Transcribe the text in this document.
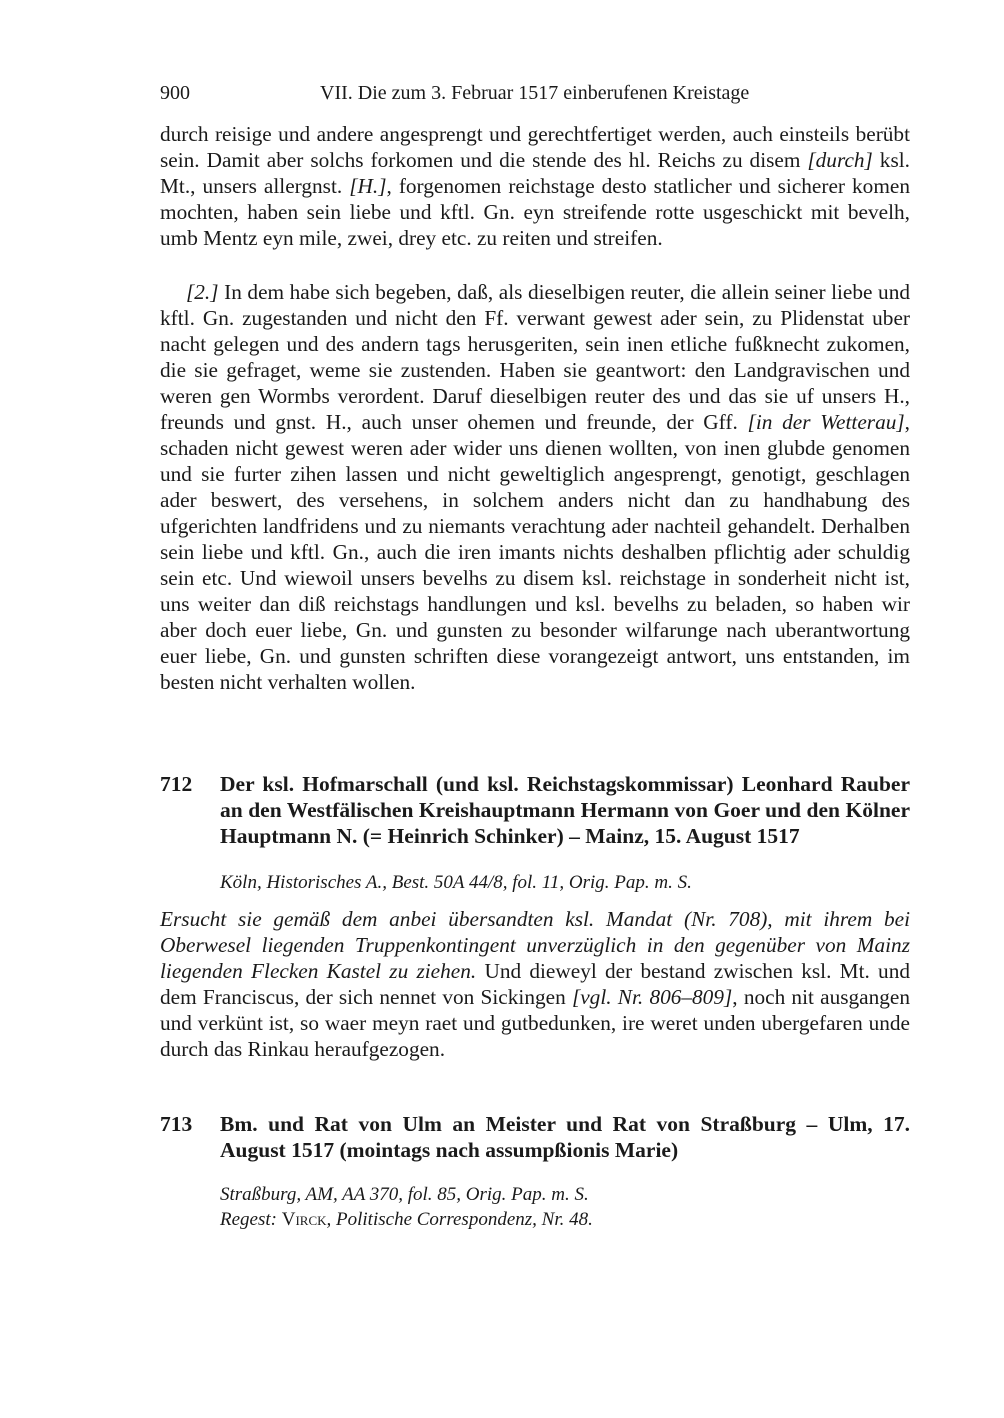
900	VII. Die zum 3. Februar 1517 einberufenen Kreistage

durch reisige und andere angesprengt und gerechtfertiget werden, auch einsteils berübt sein. Damit aber solchs forkomen und die stende des hl. Reichs zu disem [durch] ksl. Mt., unsers allergnst. [H.], forgenomen reichstage desto statlicher und sicherer komen mochten, haben sein liebe und kftl. Gn. eyn streifende rotte usgeschickt mit bevelh, umb Mentz eyn mile, zwei, drey etc. zu reiten und streifen.

[2.] In dem habe sich begeben, daß, als dieselbigen reuter, die allein seiner liebe und kftl. Gn. zugestanden und nicht den Ff. verwant gewest ader sein, zu Plidenstat uber nacht gelegen und des andern tags herusgeriten, sein inen etliche fußknecht zukomen, die sie gefraget, weme sie zustenden. Haben sie geantwort: den Landgravischen und weren gen Wormbs verordent. Daruf dieselbigen reuter des und das sie uf unsers H., freunds und gnst. H., auch unser ohemen und freunde, der Gff. [in der Wetterau], schaden nicht gewest weren ader wider uns dienen wollten, von inen glubde genomen und sie furter zihen lassen und nicht geweltiglich angesprengt, genotigt, geschlagen ader beswert, des versehens, in solchem anders nicht dan zu handhabung des ufgerichten landfridens und zu niemants verachtung ader nachteil gehandelt. Derhalben sein liebe und kftl. Gn., auch die iren imants nichts deshalben pflichtig ader schuldig sein etc. Und wiewoil unsers bevelhs zu disem ksl. reichstage in sonderheit nicht ist, uns weiter dan diß reichstags handlungen und ksl. bevelhs zu beladen, so haben wir aber doch euer liebe, Gn. und gunsten zu besonder wilfarunge nach uberantwortung euer liebe, Gn. und gunsten schriften diese vorangezeigt antwort, uns entstanden, im besten nicht verhalten wollen.

712 Der ksl. Hofmarschall (und ksl. Reichstagskommissar) Leonhard Rauber an den Westfälischen Kreishauptmann Hermann von Goer und den Kölner Hauptmann N. (= Heinrich Schinker) – Mainz, 15. August 1517

Köln, Historisches A., Best. 50A 44/8, fol. 11, Orig. Pap. m. S.

Ersucht sie gemäß dem anbei übersandten ksl. Mandat (Nr. 708), mit ihrem bei Oberwesel liegenden Truppenkontingent unverzüglich in den gegenüber von Mainz liegenden Flecken Kastel zu ziehen. Und dieweyl der bestand zwischen ksl. Mt. und dem Franciscus, der sich nennet von Sickingen [vgl. Nr. 806–809], noch nit ausgangen und verkünt ist, so waer meyn raet und gutbedunken, ire weret unden ubergefaren unde durch das Rinkau heraufgezogen.

713 Bm. und Rat von Ulm an Meister und Rat von Straßburg – Ulm, 17. August 1517 (mointags nach assumpßionis Marie)

Straßburg, AM, AA 370, fol. 85, Orig. Pap. m. S.
Regest: Virck, Politische Correspondenz, Nr. 48.
